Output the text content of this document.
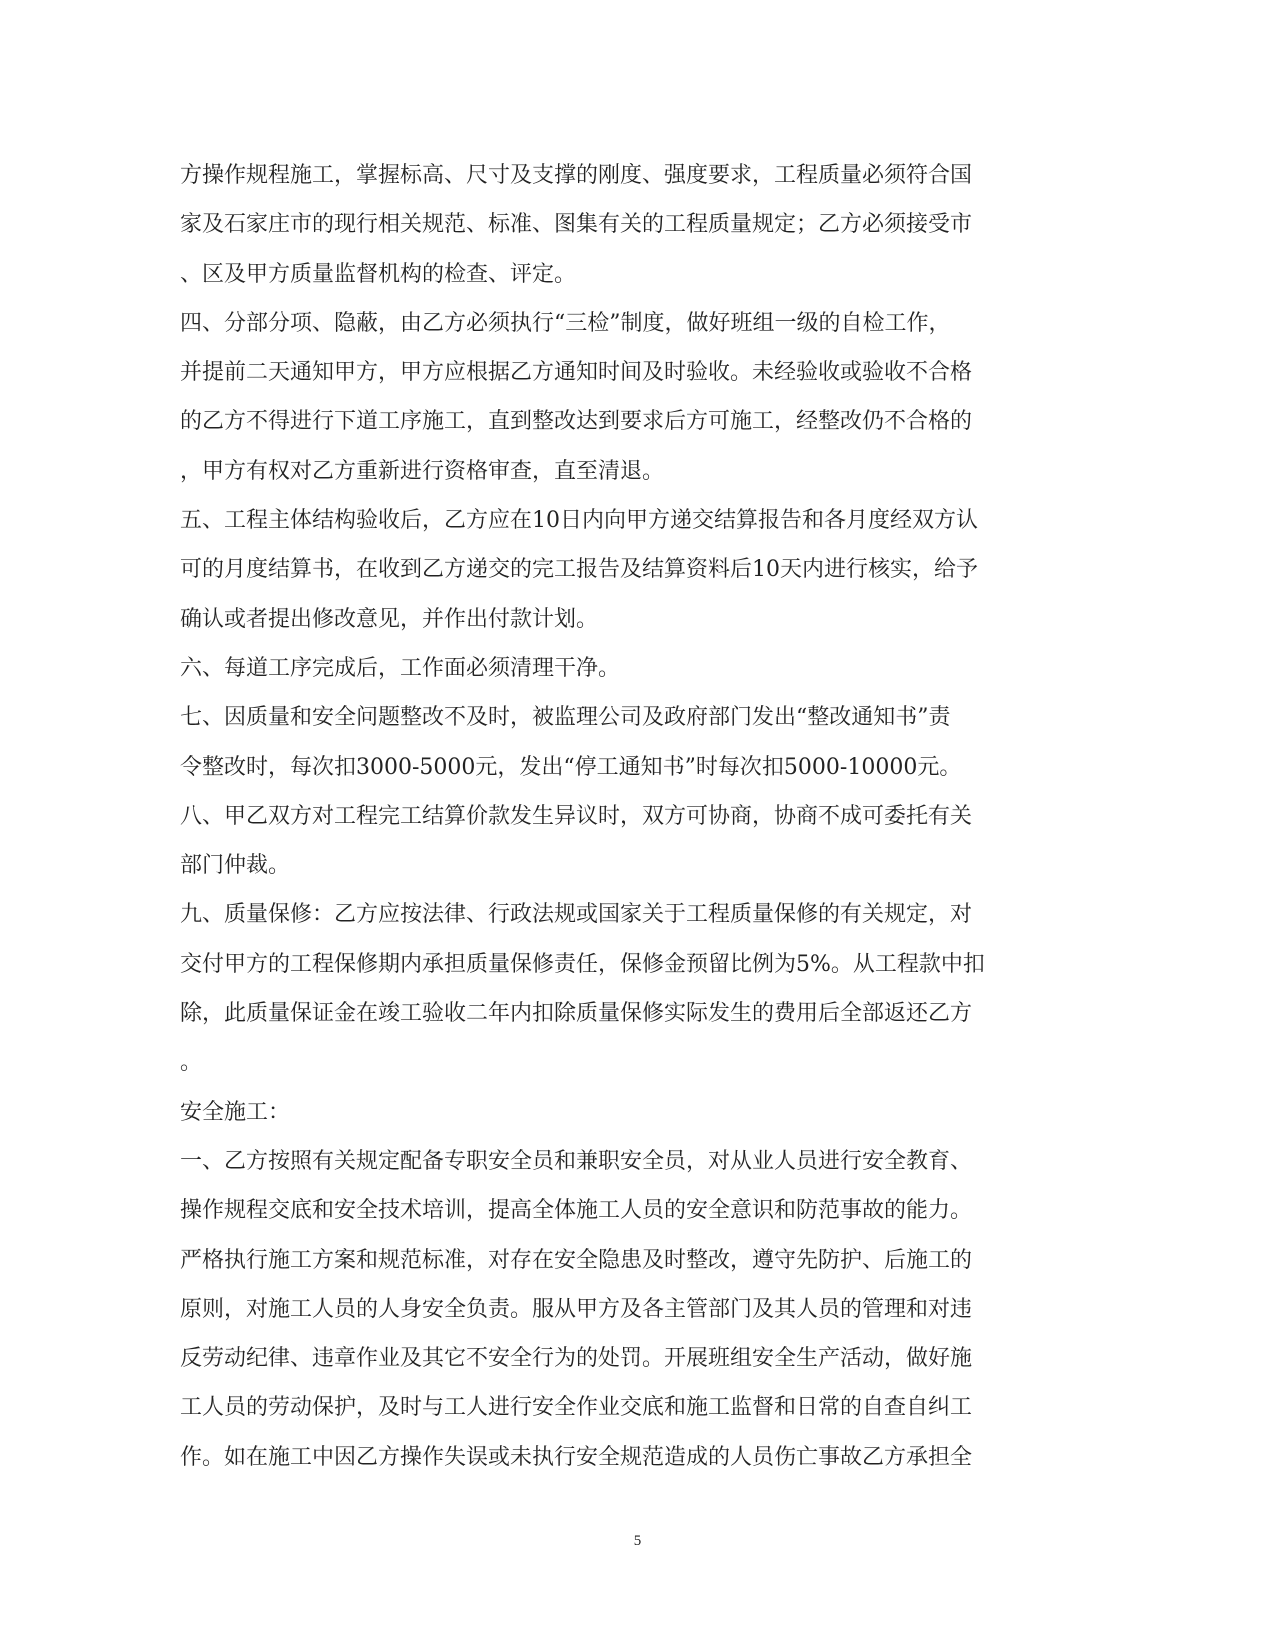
方操作规程施工，掌握标高、尺寸及支撑的刚度、强度要求，工程质量必须符合国
家及石家庄市的现行相关规范、标准、图集有关的工程质量规定；乙方必须接受市
、区及甲方质量监督机构的检查、评定。
四、分部分项、隐蔽，由乙方必须执行“三检”制度，做好班组一级的自检工作，
并提前二天通知甲方，甲方应根据乙方通知时间及时验收。未经验收或验收不合格
的乙方不得进行下道工序施工，直到整改达到要求后方可施工，经整改仍不合格的
，甲方有权对乙方重新进行资格审查，直至清退。
五、工程主体结构验收后，乙方应在10日内向甲方递交结算报告和各月度经双方认
可的月度结算书，在收到乙方递交的完工报告及结算资料后10天内进行核实，给予
确认或者提出修改意见，并作出付款计划。
六、每道工序完成后，工作面必须清理干净。
七、因质量和安全问题整改不及时，被监理公司及政府部门发出“整改通知书”责
令整改时，每次扣3000-5000元，发出“停工通知书”时每次扣5000-10000元。
八、甲乙双方对工程完工结算价款发生异议时，双方可协商，协商不成可委托有关
部门仲裁。
九、质量保修：乙方应按法律、行政法规或国家关于工程质量保修的有关规定，对
交付甲方的工程保修期内承担质量保修责任，保修金预留比例为5%。从工程款中扣
除，此质量保证金在竣工验收二年内扣除质量保修实际发生的费用后全部返还乙方
。
安全施工：
一、乙方按照有关规定配备专职安全员和兼职安全员，对从业人员进行安全教育、
操作规程交底和安全技术培训，提高全体施工人员的安全意识和防范事故的能力。
严格执行施工方案和规范标准，对存在安全隐患及时整改，遵守先防护、后施工的
原则，对施工人员的人身安全负责。服从甲方及各主管部门及其人员的管理和对违
反劳动纪律、违章作业及其它不安全行为的处罚。开展班组安全生产活动，做好施
工人员的劳动保护，及时与工人进行安全作业交底和施工监督和日常的自查自纠工
作。如在施工中因乙方操作失误或未执行安全规范造成的人员伤亡事故乙方承担全
5
